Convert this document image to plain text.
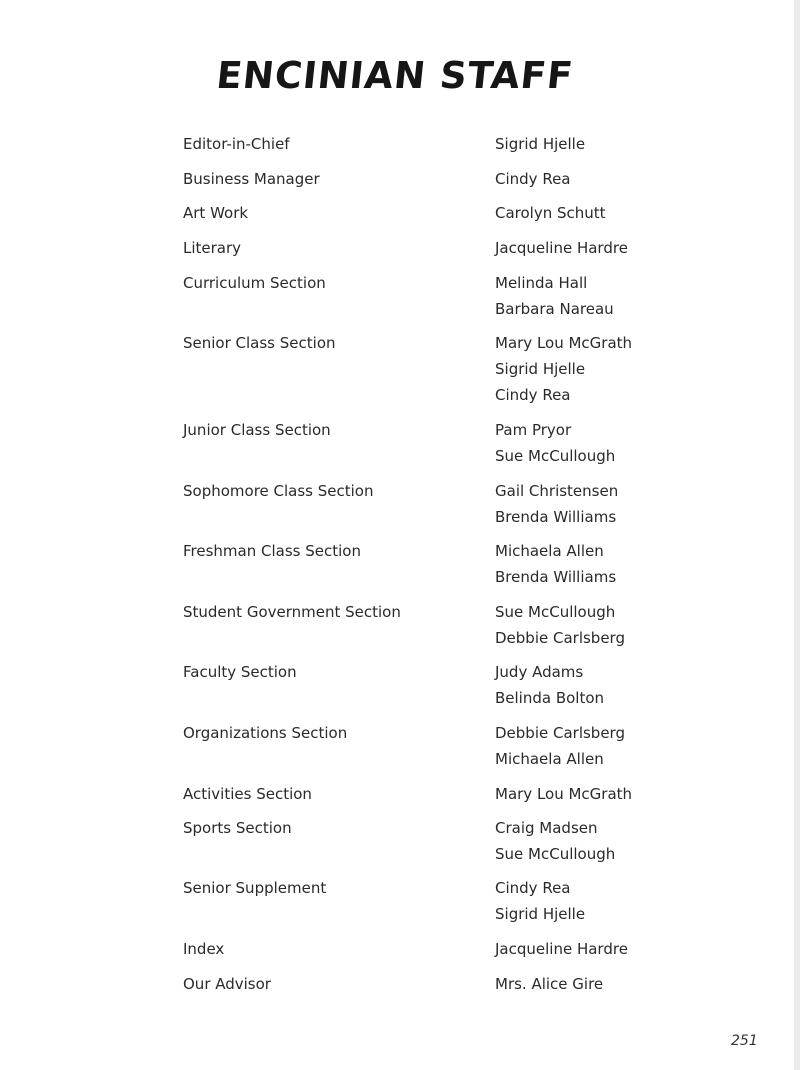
ENCINIAN STAFF
Editor-in-Chief	Sigrid Hjelle
Business Manager	Cindy Rea
Art Work	Carolyn Schutt
Literary	Jacqueline Hardre
Curriculum Section	Melinda Hall
Barbara Nareau
Senior Class Section	Mary Lou McGrath
Sigrid Hjelle
Cindy Rea
Junior Class Section	Pam Pryor
Sue McCullough
Sophomore Class Section	Gail Christensen
Brenda Williams
Freshman Class Section	Michaela Allen
Brenda Williams
Student Government Section	Sue McCullough
Debbie Carlsberg
Faculty Section	Judy Adams
Belinda Bolton
Organizations Section	Debbie Carlsberg
Michaela Allen
Activities Section	Mary Lou McGrath
Sports Section	Craig Madsen
Sue McCullough
Senior Supplement	Cindy Rea
Sigrid Hjelle
Index	Jacqueline Hardre
Our Advisor	Mrs. Alice Gire
251
